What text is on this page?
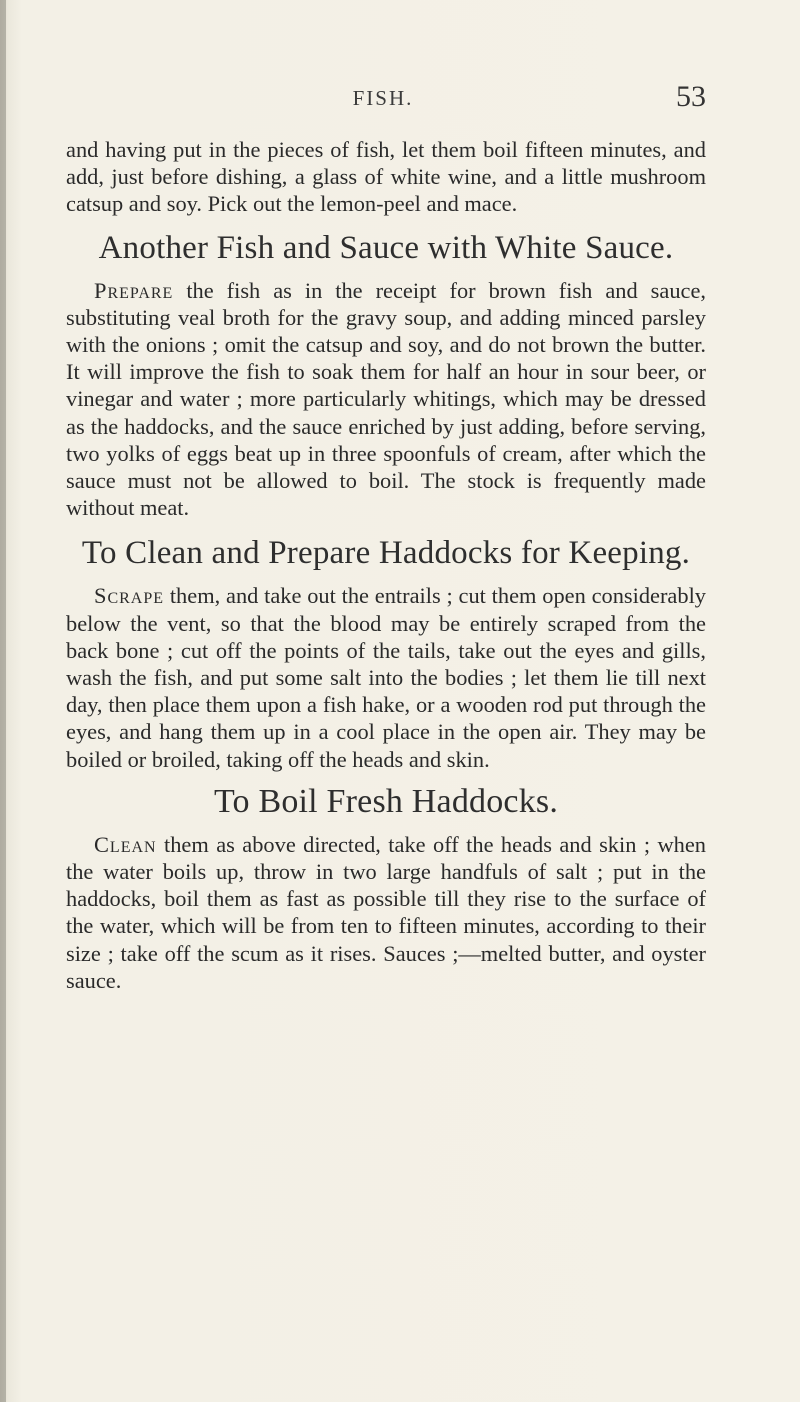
FISH.	53

and having put in the pieces of fish, let them boil fifteen minutes, and add, just before dishing, a glass of white wine, and a little mushroom catsup and soy. Pick out the lemon-peel and mace.

Another Fish and Sauce with White Sauce.

Prepare the fish as in the receipt for brown fish and sauce, substituting veal broth for the gravy soup, and adding minced parsley with the onions ; omit the catsup and soy, and do not brown the butter. It will improve the fish to soak them for half an hour in sour beer, or vinegar and water ; more particularly whitings, which may be dressed as the haddocks, and the sauce enriched by just adding, before serving, two yolks of eggs beat up in three spoonfuls of cream, after which the sauce must not be allowed to boil. The stock is frequently made without meat.

To Clean and Prepare Haddocks for Keeping.

Scrape them, and take out the entrails ; cut them open considerably below the vent, so that the blood may be entirely scraped from the back bone ; cut off the points of the tails, take out the eyes and gills, wash the fish, and put some salt into the bodies ; let them lie till next day, then place them upon a fish hake, or a wooden rod put through the eyes, and hang them up in a cool place in the open air. They may be boiled or broiled, taking off the heads and skin.

To Boil Fresh Haddocks.

Clean them as above directed, take off the heads and skin ; when the water boils up, throw in two large handfuls of salt ; put in the haddocks, boil them as fast as possible till they rise to the surface of the water, which will be from ten to fifteen minutes, according to their size ; take off the scum as it rises. Sauces ;—melted butter, and oyster sauce.
